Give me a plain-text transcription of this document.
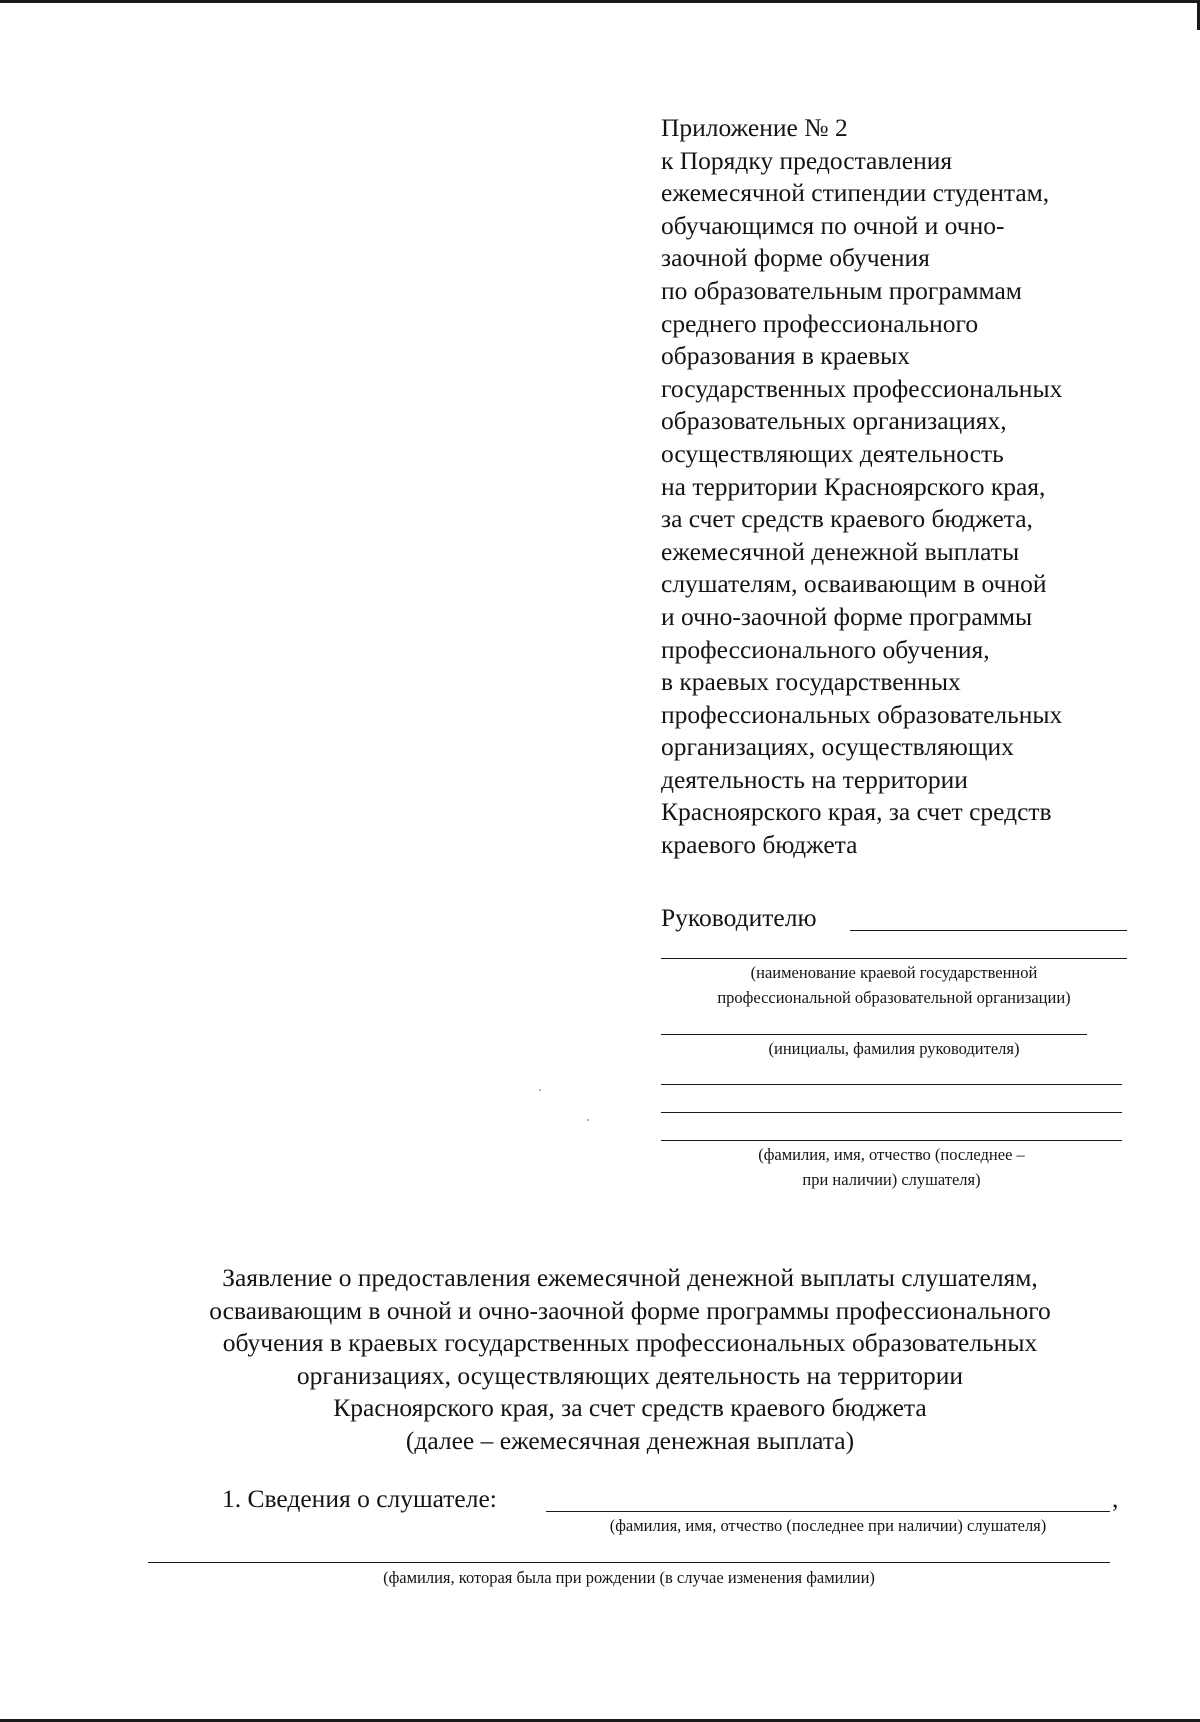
Приложение № 2
к Порядку предоставления
ежемесячной стипендии студентам,
обучающимся по очной и очно-
заочной форме обучения
по образовательным программам
среднего профессионального
образования в краевых
государственных профессиональных
образовательных организациях,
осуществляющих деятельность
на территории Красноярского края,
за счет средств краевого бюджета,
ежемесячной денежной выплаты
слушателям, осваивающим в очной
и очно-заочной форме программы
профессионального обучения,
в краевых государственных
профессиональных образовательных
организациях, осуществляющих
деятельность на территории
Красноярского края, за счет средств
краевого бюджета
Руководителю
(наименование краевой государственной
профессиональной образовательной организации)
(инициалы, фамилия руководителя)
(фамилия, имя, отчество (последнее –
при наличии) слушателя)
Заявление о предоставления ежемесячной денежной выплаты слушателям,
осваивающим в очной и очно-заочной форме программы профессионального
обучения в краевых государственных профессиональных образовательных
организациях, осуществляющих деятельность на территории
Красноярского края, за счет средств краевого бюджета
(далее – ежемесячная денежная выплата)
1. Сведения о слушателе:	,
(фамилия, имя, отчество (последнее при наличии) слушателя)
(фамилия, которая была при рождении (в случае изменения фамилии)
